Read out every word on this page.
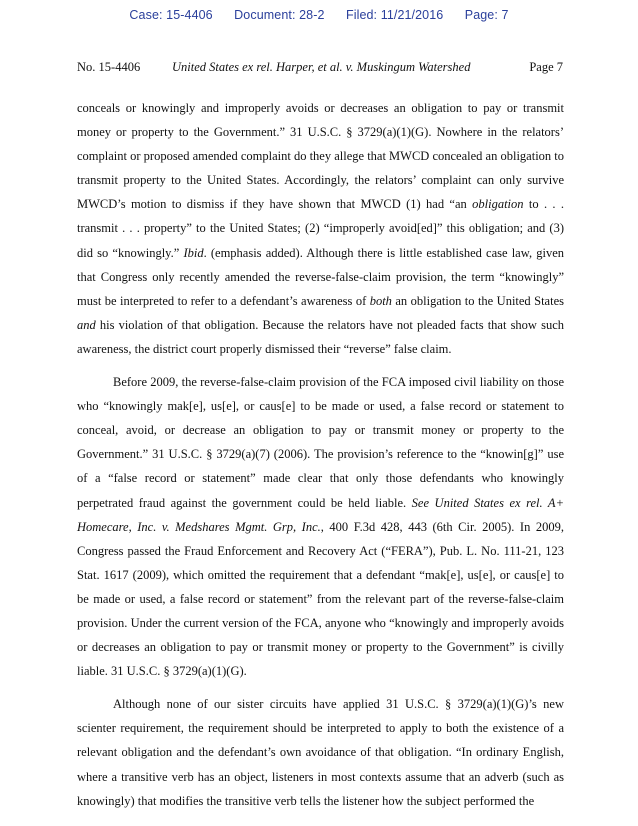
Case: 15-4406 Document: 28-2 Filed: 11/21/2016 Page: 7
No. 15-4406	United States ex rel. Harper, et al. v. Muskingum Watershed	Page 7

conceals or knowingly and improperly avoids or decreases an obligation to pay or transmit money or property to the Government.” 31 U.S.C. § 3729(a)(1)(G). Nowhere in the relators’ complaint or proposed amended complaint do they allege that MWCD concealed an obligation to transmit property to the United States. Accordingly, the relators’ complaint can only survive MWCD’s motion to dismiss if they have shown that MWCD (1) had “an obligation to . . . transmit . . . property” to the United States; (2) “improperly avoid[ed]” this obligation; and (3) did so “knowingly.” Ibid. (emphasis added). Although there is little established case law, given that Congress only recently amended the reverse-false-claim provision, the term “knowingly” must be interpreted to refer to a defendant’s awareness of both an obligation to the United States and his violation of that obligation. Because the relators have not pleaded facts that show such awareness, the district court properly dismissed their “reverse” false claim.

Before 2009, the reverse-false-claim provision of the FCA imposed civil liability on those who “knowingly mak[e], us[e], or caus[e] to be made or used, a false record or statement to conceal, avoid, or decrease an obligation to pay or transmit money or property to the Government.” 31 U.S.C. § 3729(a)(7) (2006). The provision’s reference to the “knowin[g]” use of a “false record or statement” made clear that only those defendants who knowingly perpetrated fraud against the government could be held liable. See United States ex rel. A+ Homecare, Inc. v. Medshares Mgmt. Grp, Inc., 400 F.3d 428, 443 (6th Cir. 2005). In 2009, Congress passed the Fraud Enforcement and Recovery Act (“FERA”), Pub. L. No. 111-21, 123 Stat. 1617 (2009), which omitted the requirement that a defendant “mak[e], us[e], or caus[e] to be made or used, a false record or statement” from the relevant part of the reverse-false-claim provision. Under the current version of the FCA, anyone who “knowingly and improperly avoids or decreases an obligation to pay or transmit money or property to the Government” is civilly liable. 31 U.S.C. § 3729(a)(1)(G).

Although none of our sister circuits have applied 31 U.S.C. § 3729(a)(1)(G)’s new scienter requirement, the requirement should be interpreted to apply to both the existence of a relevant obligation and the defendant’s own avoidance of that obligation. “In ordinary English, where a transitive verb has an object, listeners in most contexts assume that an adverb (such as knowingly) that modifies the transitive verb tells the listener how the subject performed the
